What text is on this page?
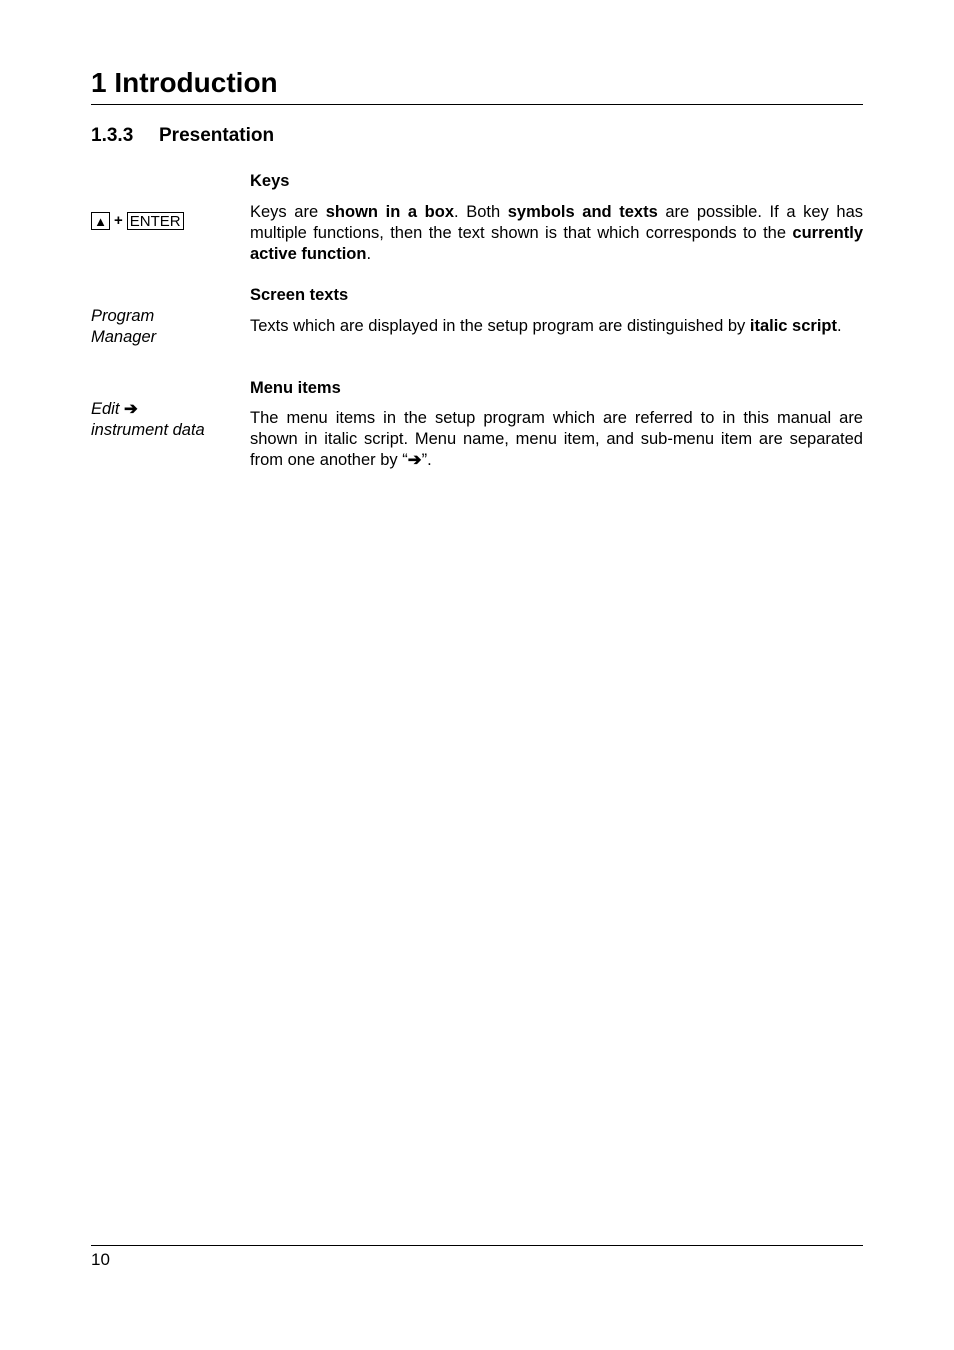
1 Introduction
1.3.3 Presentation
Keys
▲ + ENTER
Keys are shown in a box. Both symbols and texts are possible. If a key has multiple functions, then the text shown is that which corresponds to the currently active function.
Screen texts
Program
Manager
Texts which are displayed in the setup program are distinguished by italic script.
Menu items
Edit ➔
instrument data
The menu items in the setup program which are referred to in this manual are shown in italic script. Menu name, menu item, and sub-menu item are separated from one another by “➔”.
10
